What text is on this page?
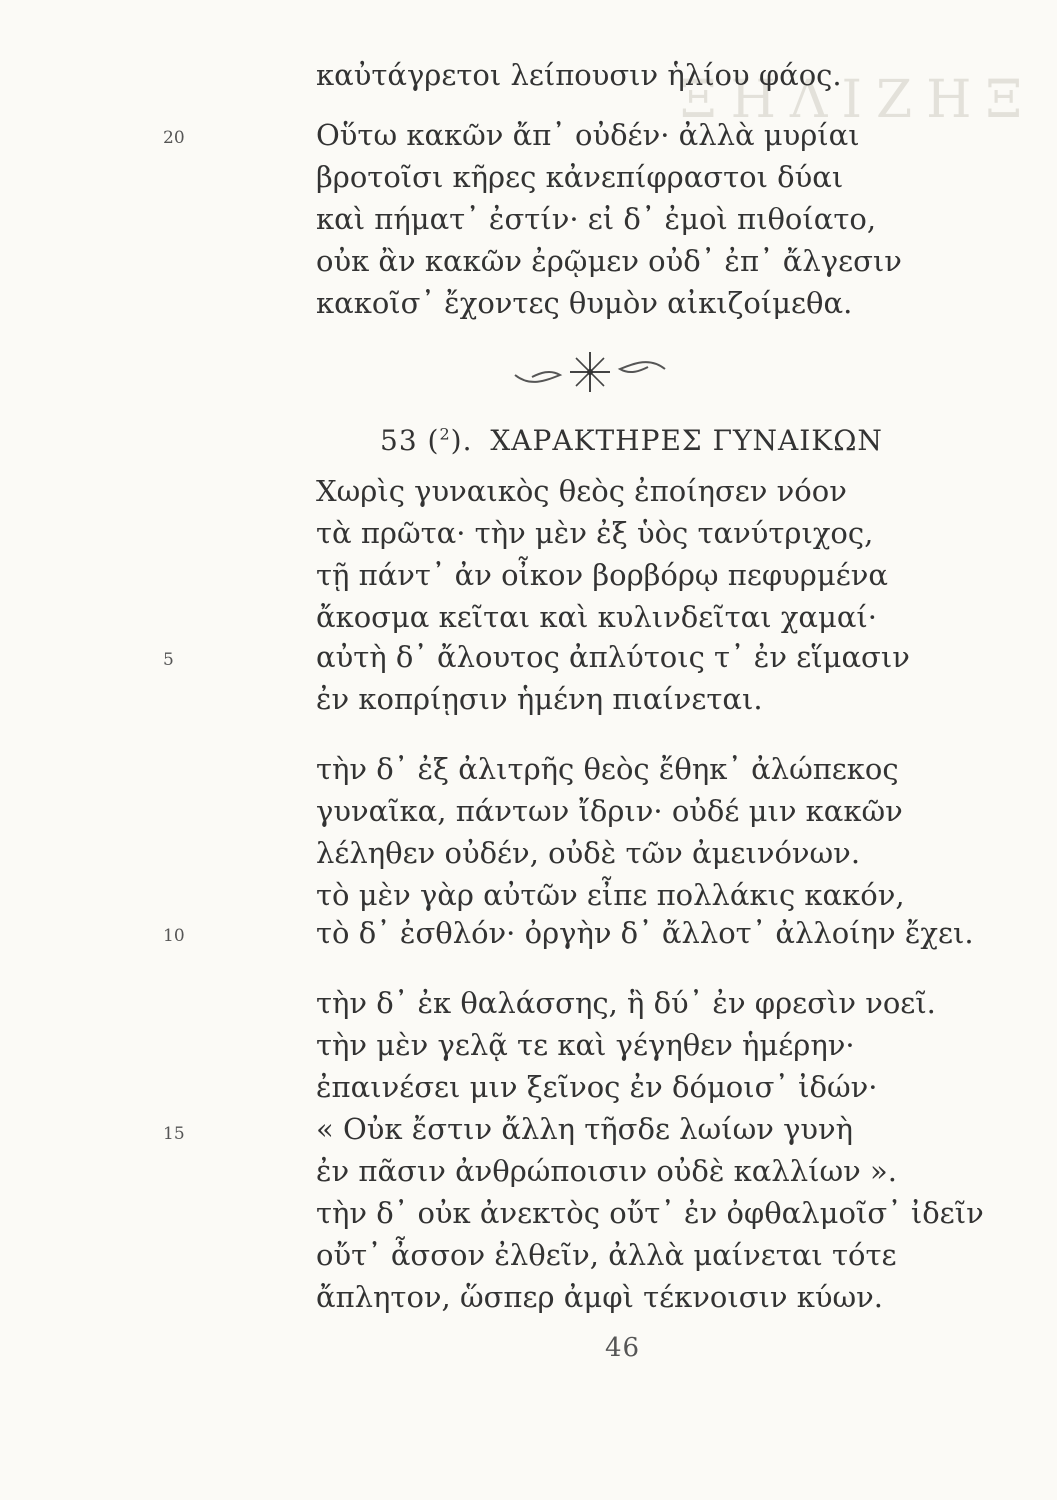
ΞΗΛΙΖΗΞ
καὐτάγρετοι λείπουσιν ἡλίου φάος.
20	Οὕτω κακῶν ἄπ᾽ οὐδέν· ἀλλὰ μυρίαι
βροτοῖσι κῆρες κἀνεπίφραστοι δύαι
καὶ πήματ᾽ ἐστίν· εἰ δ᾽ ἐμοὶ πιθοίατο,
οὐκ ἂν κακῶν ἐρῷμεν οὐδ᾽ ἐπ᾽ ἄλγεσιν
κακοῖσ᾽ ἔχοντες θυμὸν αἰκιζοίμεθα.
53 ($^2$). ΧΑΡΑΚΤΗΡΕΣ ΓΥΝΑΙΚΩΝ
Χωρὶς γυναικὸς θεὸς ἐποίησεν νόον
τὰ πρῶτα· τὴν μὲν ἐξ ὑὸς τανύτριχος,
τῇ πάντ᾽ ἀν οἶκον βορβόρῳ πεφυρμένα
ἄκοσμα κεῖται καὶ κυλινδεῖται χαμαί·
5	αὐτὴ δ᾽ ἄλουτος ἀπλύτοις τ᾽ ἐν εἵμασιν
ἐν κοπρίῃσιν ἡμένη πιαίνεται.
τὴν δ᾽ ἐξ ἀλιτρῆς θεὸς ἔθηκ᾽ ἀλώπεκος
γυναῖκα, πάντων ἴδριν· οὐδέ μιν κακῶν
λέληθεν οὐδέν, οὐδὲ τῶν ἀμεινόνων.
τὸ μὲν γὰρ αὐτῶν εἶπε πολλάκις κακόν,
10	τὸ δ᾽ ἐσθλόν· ὀργὴν δ᾽ ἄλλοτ᾽ ἀλλοίην ἔχει.
τὴν δ᾽ ἐκ θαλάσσης, ἣ δύ᾽ ἐν φρεσὶν νοεῖ.
τὴν μὲν γελᾷ τε καὶ γέγηθεν ἡμέρην·
ἐπαινέσει μιν ξεῖνος ἐν δόμοισ᾽ ἰδών·
15	« Οὐκ ἔστιν ἄλλη τῆσδε λωίων γυνὴ
ἐν πᾶσιν ἀνθρώποισιν οὐδὲ καλλίων ».
τὴν δ᾽ οὐκ ἀνεκτὸς οὔτ᾽ ἐν ὀφθαλμοῖσ᾽ ἰδεῖν
οὔτ᾽ ἆσσον ἐλθεῖν, ἀλλὰ μαίνεται τότε
ἄπλητον, ὥσπερ ἀμφὶ τέκνοισιν κύων.
46
